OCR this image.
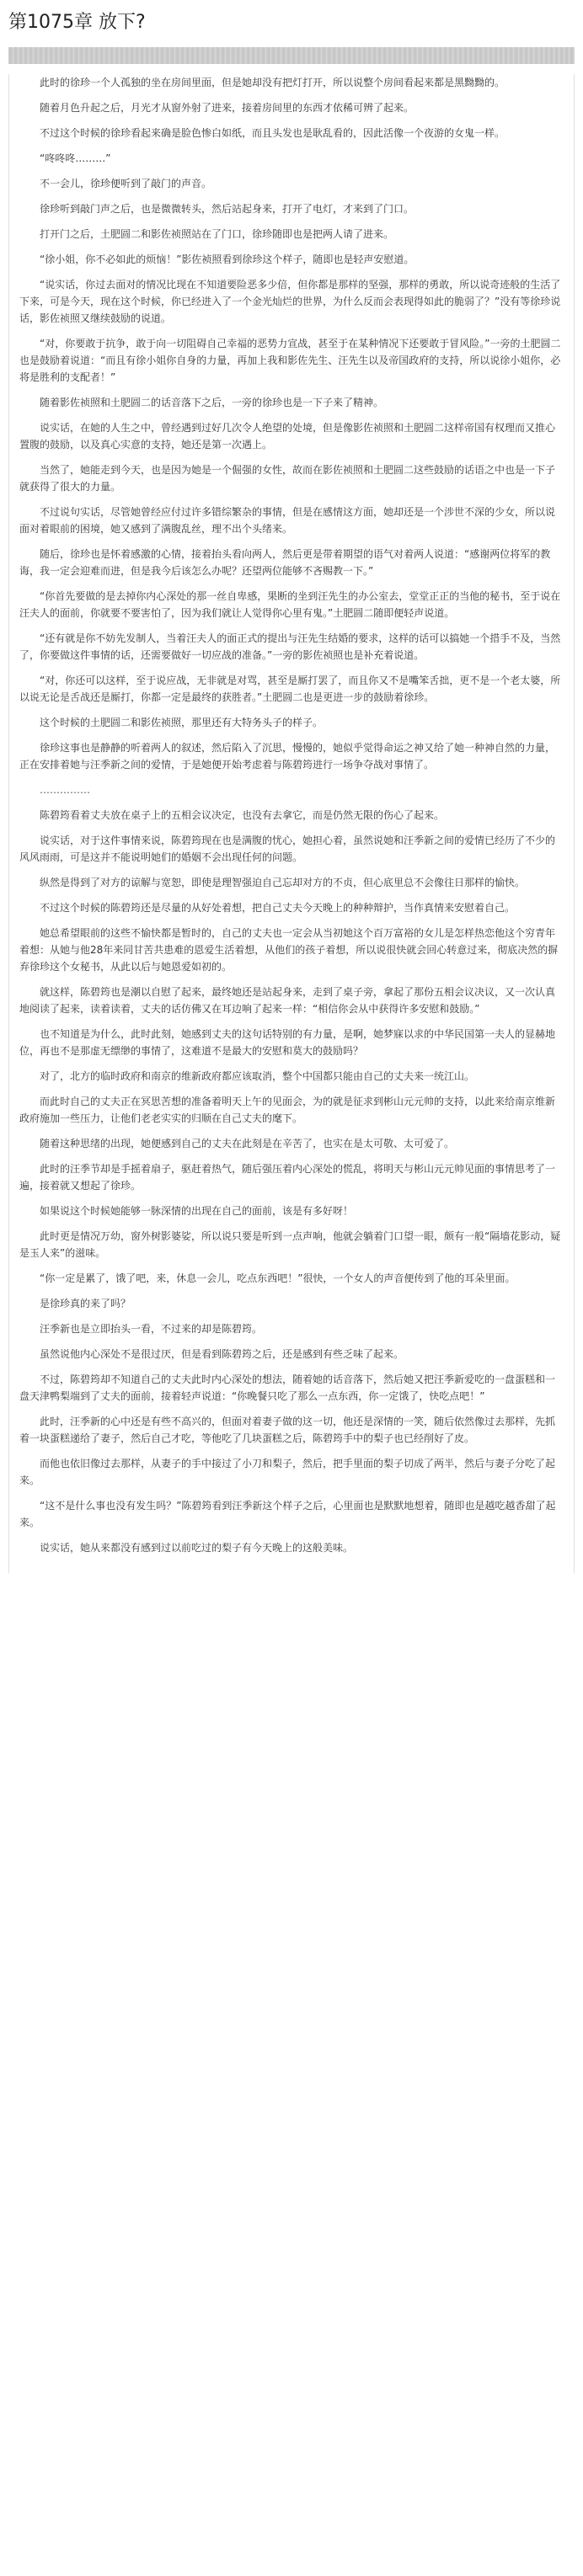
第1075章 放下?

此时的徐珍一个人孤独的坐在房间里面，但是她却没有把灯打开，所以说整个房间看起来都是黑黝黝的。

随着月色升起之后，月光才从窗外射了进来，接着房间里的东西才依稀可辨了起来。

不过这个时候的徐珍看起来确是脸色惨白如纸，而且头发也是耿乱看的，因此活像一个夜游的女鬼一样。

“咚咚咚………”

不一会儿，徐珍便听到了敲门的声音。

徐珍听到敲门声之后，也是微微转头，然后站起身来，打开了电灯，才来到了门口。

打开门之后，土肥圆二和影佐祯照站在了门口，徐珍随即也是把两人请了进来。

“徐小姐，你不必如此的烦恼！”影佐祯照看到徐珍这个样子，随即也是轻声安慰道。

“说实话，你过去面对的情况比现在不知道要险恶多少倍，但你都是那样的坚强，那样的勇敢，所以说奇迹般的生活了下来，可是今天，现在这个时候，你已经进入了一个金光灿烂的世界，为什么反而会表现得如此的脆弱了？”没有等徐珍说话，影佐祯照又继续鼓励的说道。

“对，你要敢于抗争，敢于向一切阻碍自己幸福的恶势力宣战，甚至于在某种情况下还要敢于冒风险。”一旁的土肥圆二也是鼓励着说道：“而且有徐小姐你自身的力量，再加上我和影佐先生、汪先生以及帝国政府的支持，所以说徐小姐你，必将是胜利的支配者！”

随着影佐祯照和土肥圆二的话音落下之后，一旁的徐珍也是一下子来了精神。

说实话，在她的人生之中，曾经遇到过好几次令人绝望的处境，但是像影佐祯照和土肥圆二这样帝国有权理而又推心置腹的鼓励，以及真心实意的支持，她还是第一次遇上。

当然了，她能走到今天，也是因为她是一个倔强的女性，故而在影佐祯照和土肥圆二这些鼓励的话语之中也是一下子就获得了很大的力量。

不过说句实话，尽管她曾经应付过许多错综繁杂的事情，但是在感情这方面，她却还是一个涉世不深的少女，所以说面对着眼前的困境，她又感到了满腹乱丝，理不出个头绪来。

随后，徐珍也是怀着感激的心情，接着抬头看向两人，然后更是带着期望的语气对着两人说道：“感谢两位将军的教诲，我一定会迎难而进，但是我今后该怎么办呢？还望两位能够不吝赐教一下。”

“你首先要做的是去掉你内心深处的那一丝自卑感，果断的坐到汪先生的办公室去，堂堂正正的当他的秘书，至于说在汪夫人的面前，你就要不要害怕了，因为我们就让人觉得你心里有鬼。”土肥圆二随即便轻声说道。

“还有就是你不妨先发制人，当着汪夫人的面正式的提出与汪先生结婚的要求，这样的话可以搞她一个措手不及，当然了，你要做这件事情的话，还需要做好一切应战的准备。”一旁的影佐祯照也是补充着说道。

“对，你还可以这样，至于说应战，无非就是对骂，甚至是厮打罢了，而且你又不是嘴笨舌拙，更不是一个老太婆，所以说无论是舌战还是厮打，你都一定是最终的获胜者。”土肥圆二也是更进一步的鼓励着徐珍。

这个时候的土肥圆二和影佐祯照，那里还有大特务头子的样子。

徐珍这事也是静静的听着两人的叙述，然后陷入了沉思，慢慢的，她似乎觉得命运之神又给了她一种神自然的力量，正在安排着她与汪季新之间的爱情，于是她便开始考虑着与陈碧筠进行一场争夺战对事情了。

……………

陈碧筠看着丈夫放在桌子上的五相会议决定，也没有去拿它，而是仍然无限的伤心了起来。

说实话，对于这件事情来说，陈碧筠现在也是满腹的忧心，她担心着，虽然说她和汪季新之间的爱情已经历了不少的风风雨雨，可是这并不能说明她们的婚姻不会出现任何的问题。

纵然是得到了对方的谅解与宽恕，即使是理智强迫自己忘却对方的不贞，但心底里总不会像往日那样的愉快。

不过这个时候的陈碧筠还是尽量的从好处着想，把自己丈夫今天晚上的种种辩护，当作真情来安慰着自己。

她总希望眼前的这些不愉快都是暂时的，自己的丈夫也一定会从当初她这个百万富裕的女儿是怎样热恋他这个穷青年着想：从她与他28年来同甘苦共患难的恩爱生活着想，从他们的孩子着想，所以说很快就会回心转意过来，彻底决然的摒弃徐珍这个女秘书，从此以后与她恩爱如初的。

就这样，陈碧筠也是潮以自慰了起来，最终她还是站起身来，走到了桌子旁，拿起了那份五相会议决议，又一次认真地阅读了起来，读着读着，丈夫的话仿佛又在耳边响了起来一样：“相信你会从中获得许多安慰和鼓励。”

也不知道是为什么，此时此刻，她感到丈夫的这句话特别的有力量，是啊，她梦寐以求的中华民国第一夫人的显赫地位，再也不是那虚无缥缈的事情了，这难道不是最大的安慰和莫大的鼓励吗？

对了，北方的临时政府和南京的维新政府都应该取消，整个中国都只能由自己的丈夫来一统江山。

而此时自己的丈夫正在冥思苦想的准备着明天上午的见面会，为的就是征求到彬山元元帅的支持，以此来给南京维新政府施加一些压力，让他们老老实实的归顺在自己丈夫的麾下。

随着这种思绪的出现，她便感到自己的丈夫在此刻是在辛苦了，也实在是太可敬、太可爱了。

此时的汪季节却是手摇着扇子，驱赶着热气，随后强压着内心深处的慌乱，将明天与彬山元元帅见面的事情思考了一遍，接着就又想起了徐珍。

如果说这个时候她能够一脉深情的出现在自己的面前，该是有多好呀！

此时更是情况万幼，窗外树影婆娑，所以说只要是听到一点声响，他就会躺着门口望一眼，颇有一般“隔墙花影动，疑是玉人来”的滋味。

“你一定是累了，饿了吧，来，休息一会儿，吃点东西吧！”很快，一个女人的声音便传到了他的耳朵里面。

是徐珍真的来了吗？

汪季新也是立即抬头一看，不过来的却是陈碧筠。

虽然说他内心深处不是很过厌，但是看到陈碧筠之后，还是感到有些乏味了起来。

不过，陈碧筠却不知道自己的丈夫此时内心深处的想法，随着她的话音落下，然后她又把汪季新爱吃的一盘蛋糕和一盘天津鸭梨端到了丈夫的面前，接着轻声说道：“你晚餐只吃了那么一点东西，你一定饿了，快吃点吧！”

此时，汪季新的心中还是有些不高兴的，但面对着妻子做的这一切，他还是深情的一笑，随后依然像过去那样，先抓着一块蛋糕递给了妻子，然后自己才吃，等他吃了几块蛋糕之后，陈碧筠手中的梨子也已经削好了皮。

而他也依旧像过去那样，从妻子的手中接过了小刀和梨子，然后，把手里面的梨子切成了两半，然后与妻子分吃了起来。

“这不是什么事也没有发生吗？”陈碧筠看到汪季新这个样子之后，心里面也是默默地想着，随即也是越吃越香甜了起来。

说实话，她从来都没有感到过以前吃过的梨子有今天晚上的这般美味。
